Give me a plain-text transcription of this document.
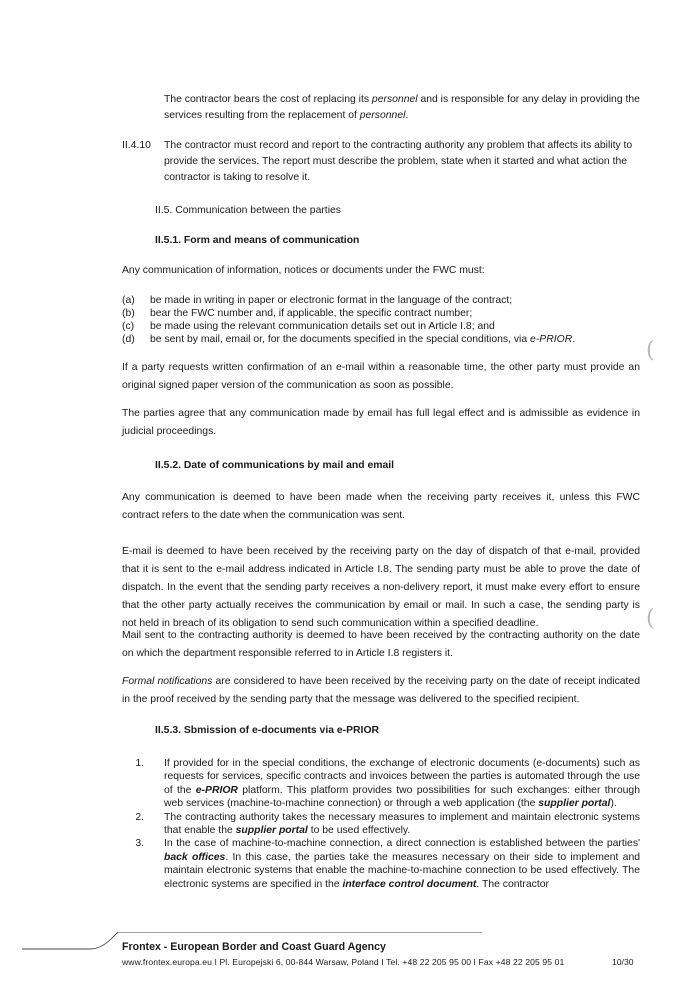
The contractor bears the cost of replacing its personnel and is responsible for any delay in providing the services resulting from the replacement of personnel.

II.4.10	The contractor must record and report to the contracting authority any problem that affects its ability to provide the services. The report must describe the problem, state when it started and what action the contractor is taking to resolve it.

II.5. Communication between the parties

II.5.1. Form and means of communication

Any communication of information, notices or documents under the FWC must:

(a)	be made in writing in paper or electronic format in the language of the contract;
(b)	bear the FWC number and, if applicable, the specific contract number;
(c)	be made using the relevant communication details set out in Article I.8; and
(d)	be sent by mail, email or, for the documents specified in the special conditions, via e-PRIOR.

If a party requests written confirmation of an e-mail within a reasonable time, the other party must provide an original signed paper version of the communication as soon as possible.

The parties agree that any communication made by email has full legal effect and is admissible as evidence in judicial proceedings.

II.5.2. Date of communications by mail and email

Any communication is deemed to have been made when the receiving party receives it, unless this FWC contract refers to the date when the communication was sent.

E-mail is deemed to have been received by the receiving party on the day of dispatch of that e-mail, provided that it is sent to the e-mail address indicated in Article I.8. The sending party must be able to prove the date of dispatch. In the event that the sending party receives a non-delivery report, it must make every effort to ensure that the other party actually receives the communication by email or mail. In such a case, the sending party is not held in breach of its obligation to send such communication within a specified deadline.

Mail sent to the contracting authority is deemed to have been received by the contracting authority on the date on which the department responsible referred to in Article I.8 registers it.

Formal notifications are considered to have been received by the receiving party on the date of receipt indicated in the proof received by the sending party that the message was delivered to the specified recipient.

II.5.3. Sbmission of e-documents via e-PRIOR

1.	If provided for in the special conditions, the exchange of electronic documents (e-documents) such as requests for services, specific contracts and invoices between the parties is automated through the use of the e-PRIOR platform. This platform provides two possibilities for such exchanges: either through web services (machine-to-machine connection) or through a web application (the supplier portal).
2.	The contracting authority takes the necessary measures to implement and maintain electronic systems that enable the supplier portal to be used effectively.
3.	In the case of machine-to-machine connection, a direct connection is established between the parties' back offices. In this case, the parties take the measures necessary on their side to implement and maintain electronic systems that enable the machine-to-machine connection to be used effectively. The electronic systems are specified in the interface control document. The contractor
(
(
Frontex - European Border and Coast Guard Agency
www.frontex.europa.eu I Pl. Europejski 6, 00-844 Warsaw, Poland I Tel. +48 22 205 95 00 I Fax +48 22 205 95 01	10/30
